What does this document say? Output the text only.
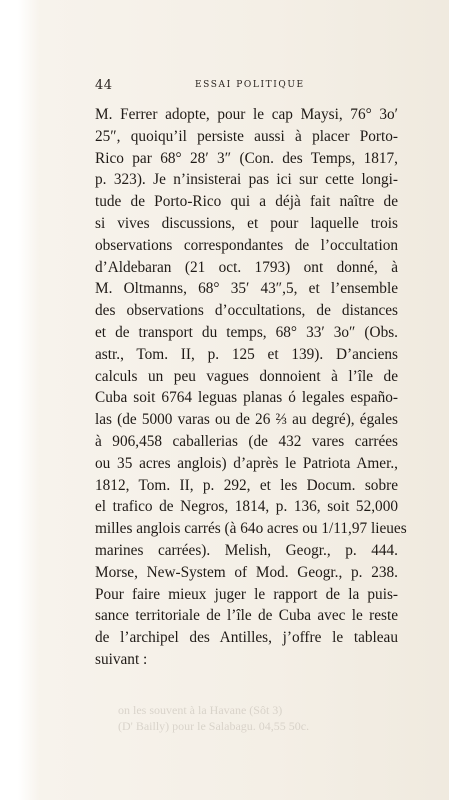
44	ESSAI POLITIQUE
M. Ferrer adopte, pour le cap Maysi, 76° 3o′
25″, quoiqu’il persiste aussi à placer Porto-
Rico par 68° 28′ 3″ (Con. des Temps, 1817,
p. 323). Je n’insisterai pas ici sur cette longi-
tude de Porto-Rico qui a déjà fait naître de
si vives discussions, et pour laquelle trois
observations correspondantes de l’occultation
d’Aldebaran (21 oct. 1793) ont donné, à
M. Oltmanns, 68° 35′ 43″,5, et l’ensemble
des observations d’occultations, de distances
et de transport du temps, 68° 33′ 3o″ (Obs.
astr., Tom. II, p. 125 et 139). D’anciens
calculs un peu vagues donnoient à l’île de
Cuba soit 6764 leguas planas ó legales españo-
las (de 5000 varas ou de 26 ⅔ au degré), égales
à 906,458 caballerias (de 432 vares carrées
ou 35 acres anglois) d’après le Patriota Amer.,
1812, Tom. II, p. 292, et les Docum. sobre
el trafico de Negros, 1814, p. 136, soit 52,000
milles anglois carrés (à 64o acres ou 1/11,97 lieues
marines carrées). Melish, Geogr., p. 444.
Morse, New-System of Mod. Geogr., p. 238.
Pour faire mieux juger le rapport de la puis-
sance territoriale de l’île de Cuba avec le reste
de l’archipel des Antilles, j’offre le tableau
suivant :
on les souvent à la Havane (Sôt 3)
(D' Bailly) pour le Salabagu. 04,55 50c.
